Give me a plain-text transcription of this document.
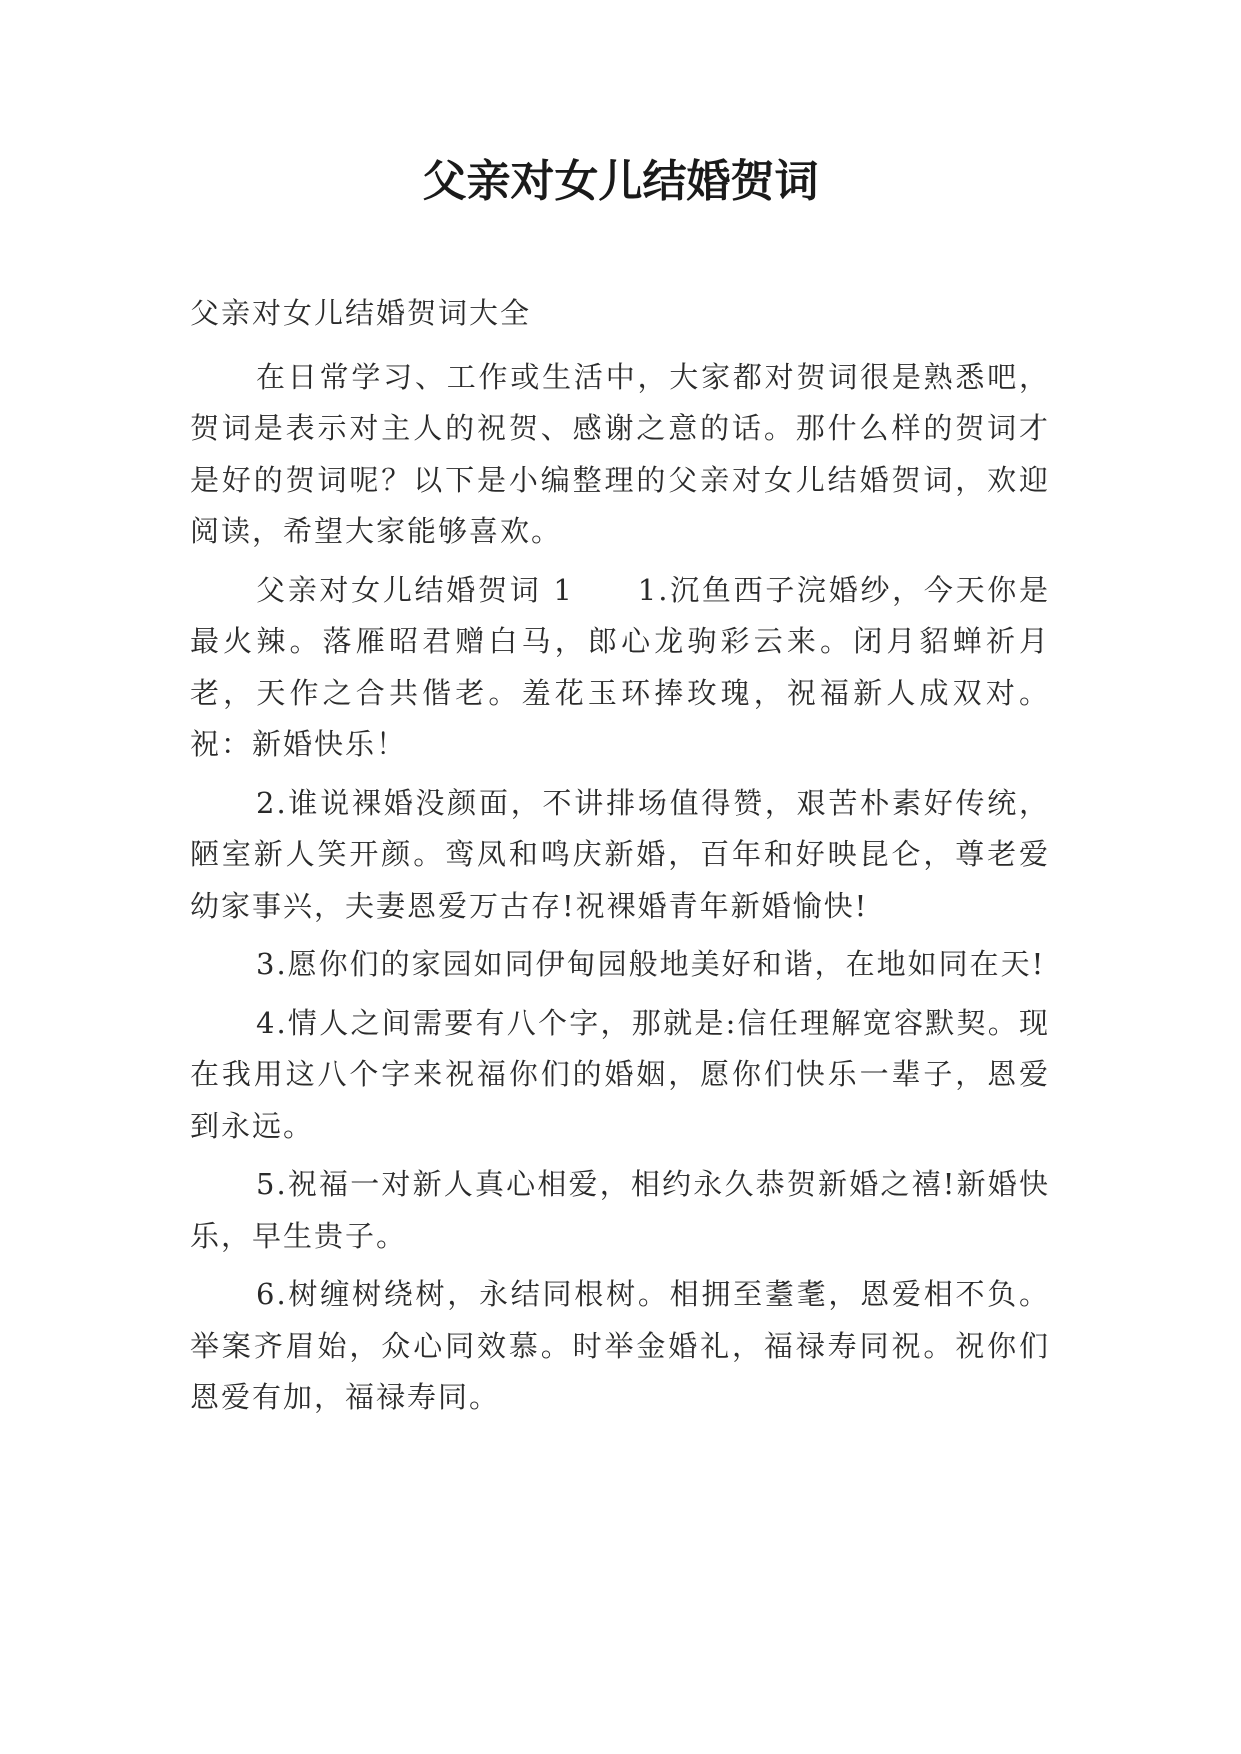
父亲对女儿结婚贺词

父亲对女儿结婚贺词大全

在日常学习、工作或生活中，大家都对贺词很是熟悉吧，贺词是表示对主人的祝贺、感谢之意的话。那什么样的贺词才是好的贺词呢？以下是小编整理的父亲对女儿结婚贺词，欢迎阅读，希望大家能够喜欢。

父亲对女儿结婚贺词 1 1.沉鱼西子浣婚纱，今天你是最火辣。落雁昭君赠白马，郎心龙驹彩云来。闭月貂蝉祈月老，天作之合共偕老。羞花玉环捧玫瑰，祝福新人成双对。祝：新婚快乐！

2.谁说裸婚没颜面，不讲排场值得赞，艰苦朴素好传统，陋室新人笑开颜。鸾凤和鸣庆新婚，百年和好映昆仑，尊老爱幼家事兴，夫妻恩爱万古存!祝裸婚青年新婚愉快!

3.愿你们的家园如同伊甸园般地美好和谐，在地如同在天!

4.情人之间需要有八个字，那就是:信任理解宽容默契。现在我用这八个字来祝福你们的婚姻，愿你们快乐一辈子，恩爱到永远。

5.祝福一对新人真心相爱，相约永久恭贺新婚之禧!新婚快乐，早生贵子。

6.树缠树绕树，永结同根树。相拥至耋耄，恩爱相不负。举案齐眉始，众心同效慕。时举金婚礼，福禄寿同祝。祝你们恩爱有加，福禄寿同。
